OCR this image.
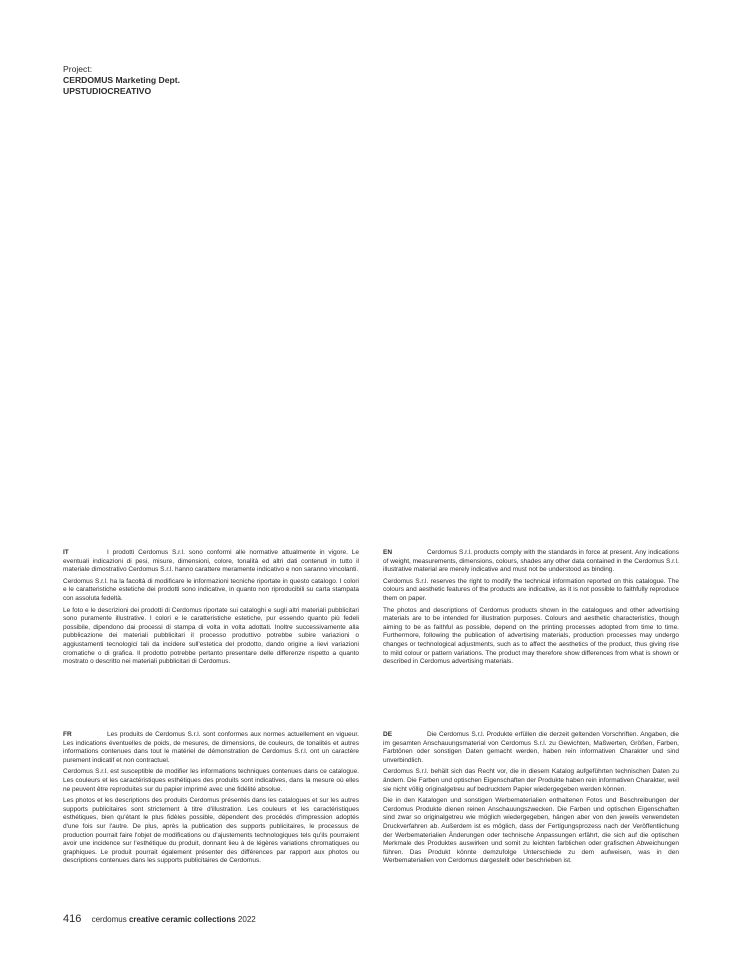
Project:
CERDOMUS Marketing Dept.
UPSTUDIOCREATIVO

IT	I prodotti Cerdomus S.r.l. sono conformi alle normative attualmente in vigore. Le eventuali indicazioni di pesi, misure, dimensioni, colore, tonalità ed altri dati contenuti in tutto il materiale dimostrativo Cerdomus S.r.l. hanno carattere meramente indicativo e non saranno vincolanti.

Cerdomus S.r.l. ha la facoltà di modificare le informazioni tecniche riportate in questo catalogo. I colori e le caratteristiche estetiche dei prodotti sono indicative, in quanto non riproducibili su carta stampata con assoluta fedeltà.

Le foto e le descrizioni dei prodotti di Cerdomus riportate sui cataloghi e sugli altri materiali pubblicitari sono puramente illustrative. I colori e le caratteristiche estetiche, pur essendo quanto più fedeli possibile, dipendono dai processi di stampa di volta in volta adottati. Inoltre successivamente alla pubblicazione dei materiali pubblicitari il processo produttivo potrebbe subire variazioni o aggiustamenti tecnologici tali da incidere sull'estetica del prodotto, dando origine a lievi variazioni cromatiche o di grafica. Il prodotto potrebbe pertanto presentare delle differenze rispetto a quanto mostrato o descritto nei materiali pubblicitari di Cerdomus.

EN	Cerdomus S.r.l. products comply with the standards in force at present. Any indications of weight, measurements, dimensions, colours, shades any other data contained in the Cerdomus S.r.l. illustrative material are merely indicative and must not be understood as binding.

Cerdomus S.r.l. reserves the right to modify the technical information reported on this catalogue. The colours and aesthetic features of the products are indicative, as it is not possible to faithfully reproduce them on paper.

The photos and descriptions of Cerdomus products shown in the catalogues and other advertising materials are to be intended for illustration purposes. Colours and aesthetic characteristics, though aiming to be as faithful as possible, depend on the printing processes adopted from time to time. Furthermore, following the publication of advertising materials, production processes may undergo changes or technological adjustments, such as to affect the aesthetics of the product, thus giving rise to mild colour or pattern variations. The product may therefore show differences from what is shown or described in Cerdomus advertising materials.

FR	Les produits de Cerdomus S.r.l. sont conformes aux normes actuellement en vigueur. Les indications éventuelles de poids, de mesures, de dimensions, de couleurs, de tonalités et autres informations contenues dans tout le matériel de démonstration de Cerdomus S.r.l. ont un caractère purement indicatif et non contractuel.

Cerdomus S.r.l. est susceptible de modifier les informations techniques contenues dans ce catalogue. Les couleurs et les caractéristiques esthétiques des produits sont indicatives, dans la mesure où elles ne peuvent être reproduites sur du papier imprimé avec une fidélité absolue.

Les photos et les descriptions des produits Cerdomus présentés dans les catalogues et sur les autres supports publicitaires sont strictement à titre d'illustration. Les couleurs et les caractéristiques esthétiques, bien qu'étant le plus fidèles possible, dépendent des procédés d'impression adoptés d'une fois sur l'autre. De plus, après la publication des supports publicitaires, le processus de production pourrait faire l'objet de modifications ou d'ajustements technologiques tels qu'ils pourraient avoir une incidence sur l'esthétique du produit, donnant lieu à de légères variations chromatiques ou graphiques. Le produit pourrait également présenter des différences par rapport aux photos ou descriptions contenues dans les supports publicitaires de Cerdomus.

DE	Die Cerdomus S.r.l. Produkte erfüllen die derzeit geltenden Vorschriften. Angaben, die im gesamten Anschauungsmaterial von Cerdomus S.r.l. zu Gewichten, Maßwerten, Größen, Farben, Farbtönen oder sonstigen Daten gemacht werden, haben rein informativen Charakter und sind unverbindlich.

Cerdomus S.r.l. behält sich das Recht vor, die in diesem Katalog aufgeführten technischen Daten zu ändern. Die Farben und optischen Eigenschaften der Produkte haben rein informativen Charakter, weil sie nicht völlig originalgetreu auf bedrucktem Papier wiedergegeben werden können.

Die in den Katalogen und sonstigen Werbematerialien enthaltenen Fotos und Beschreibungen der Cerdomus Produkte dienen reinen Anschauungszwecken. Die Farben und optischen Eigenschaften sind zwar so originalgetreu wie möglich wiedergegeben, hängen aber von den jeweils verwendeten Druckverfahren ab. Außerdem ist es möglich, dass der Fertigungsprozess nach der Veröffentlichung der Werbematerialien Änderungen oder technische Anpassungen erfährt, die sich auf die optischen Merkmale des Produktes auswirken und somit zu leichten farblichen oder grafischen Abweichungen führen. Das Produkt könnte demzufolge Unterschiede zu dem aufweisen, was in den Werbematerialien von Cerdomus dargestellt oder beschrieben ist.

416 cerdomus creative ceramic collections 2022
